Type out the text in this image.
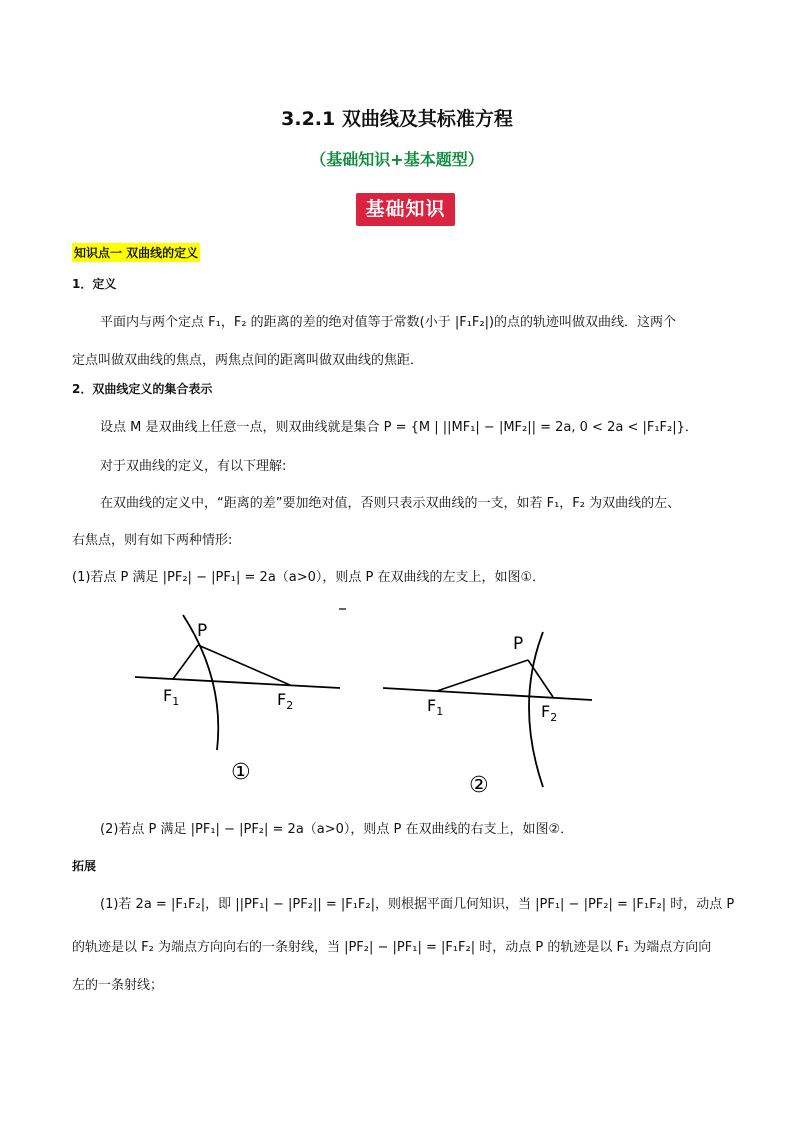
3.2.1 双曲线及其标准方程
（基础知识+基本题型）
基础知识
知识点一 双曲线的定义
1．定义
平面内与两个定点 F₁，F₂ 的距离的差的绝对值等于常数(小于 |F₁F₂|)的点的轨迹叫做双曲线．这两个
定点叫做双曲线的焦点，两焦点间的距离叫做双曲线的焦距．
2．双曲线定义的集合表示
设点 M 是双曲线上任意一点，则双曲线就是集合 P = {M | ||MF₁| − |MF₂|| = 2a, 0 < 2a < |F₁F₂|}．
对于双曲线的定义，有以下理解:
在双曲线的定义中，“距离的差”要加绝对值，否则只表示双曲线的一支，如若 F₁，F₂ 为双曲线的左、
右焦点，则有如下两种情形:
(1)若点 P 满足 |PF₂| − |PF₁| = 2a（a>0），则点 P 在双曲线的左支上，如图①．
P
$F_1$	$F_2$
①
P
$F_1$	$F_2$
②
(2)若点 P 满足 |PF₁| − |PF₂| = 2a（a>0），则点 P 在双曲线的右支上，如图②．
拓展
(1)若 2a = |F₁F₂|，即 ||PF₁| − |PF₂|| = |F₁F₂|，则根据平面几何知识，当 |PF₁| − |PF₂| = |F₁F₂| 时，动点 P
的轨迹是以 F₂ 为端点方向向右的一条射线，当 |PF₂| − |PF₁| = |F₁F₂| 时，动点 P 的轨迹是以 F₁ 为端点方向向
左的一条射线；
